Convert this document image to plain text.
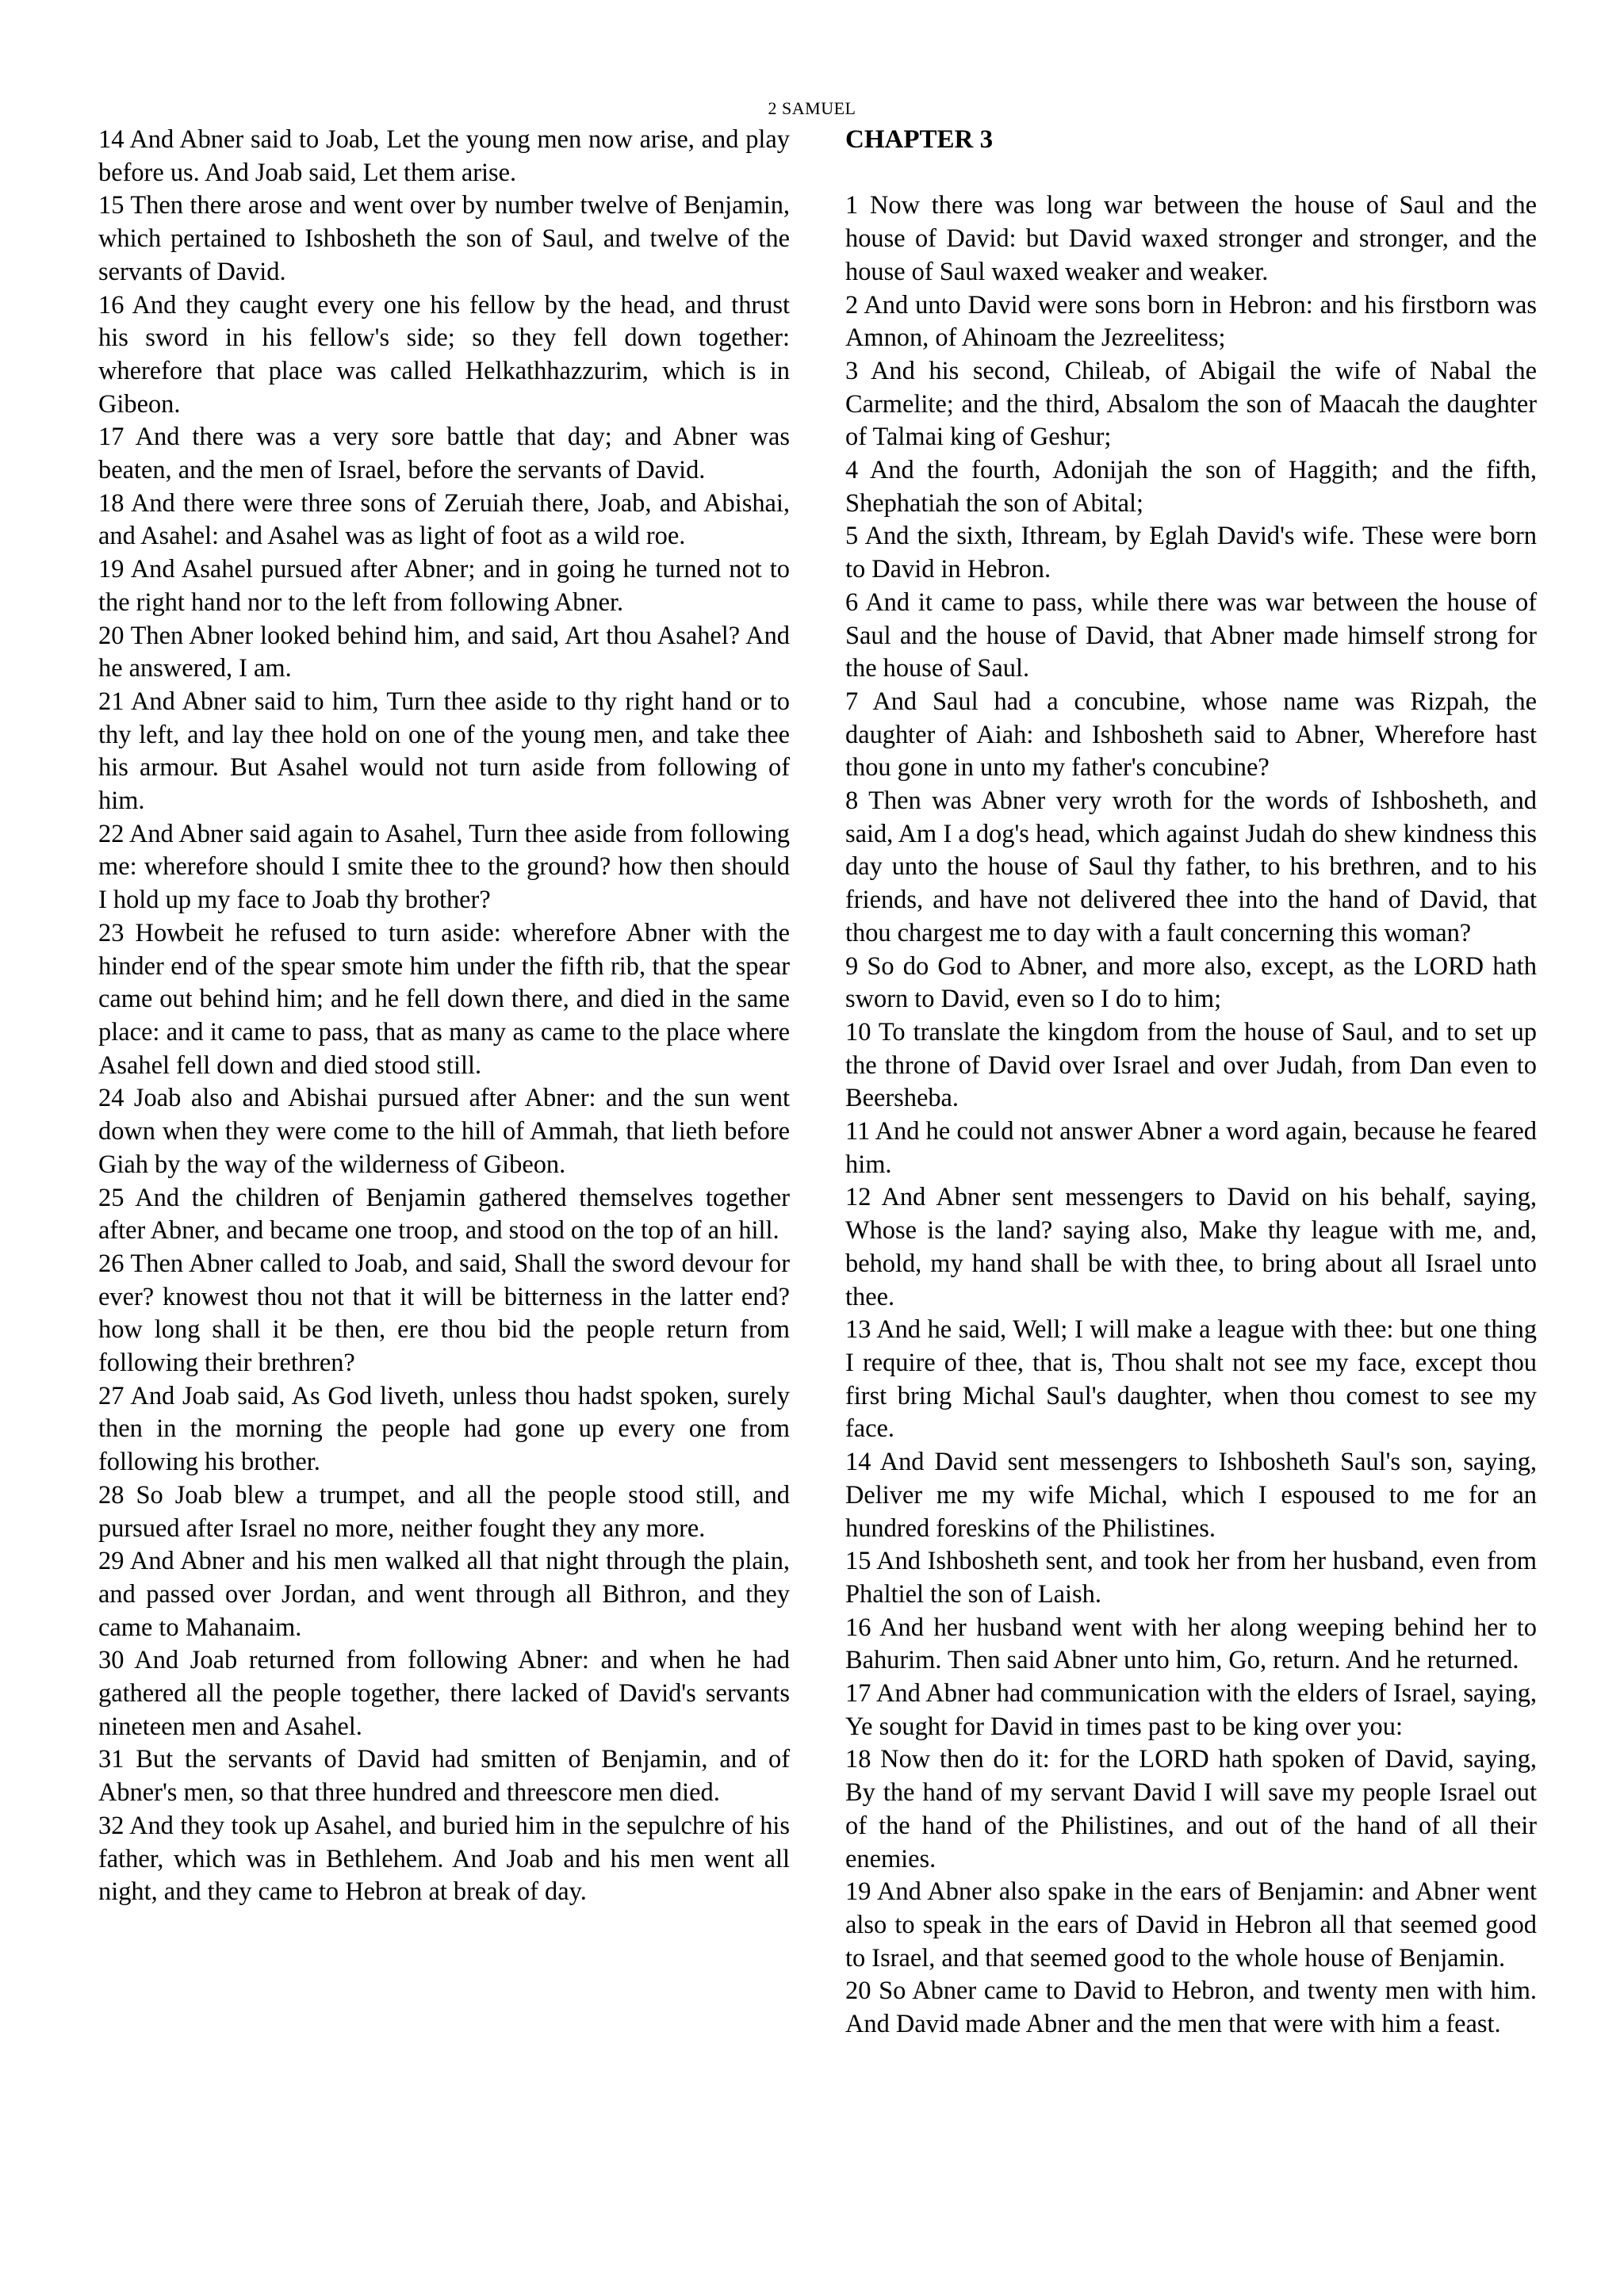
2 SAMUEL

14 And Abner said to Joab, Let the young men now arise, and play before us. And Joab said, Let them arise.

15 Then there arose and went over by number twelve of Benjamin, which pertained to Ishbosheth the son of Saul, and twelve of the servants of David.

16 And they caught every one his fellow by the head, and thrust his sword in his fellow's side; so they fell down together: wherefore that place was called Helkathhazzurim, which is in Gibeon.

17 And there was a very sore battle that day; and Abner was beaten, and the men of Israel, before the servants of David.

18 And there were three sons of Zeruiah there, Joab, and Abishai, and Asahel: and Asahel was as light of foot as a wild roe.

19 And Asahel pursued after Abner; and in going he turned not to the right hand nor to the left from following Abner.

20 Then Abner looked behind him, and said, Art thou Asahel? And he answered, I am.

21 And Abner said to him, Turn thee aside to thy right hand or to thy left, and lay thee hold on one of the young men, and take thee his armour. But Asahel would not turn aside from following of him.

22 And Abner said again to Asahel, Turn thee aside from following me: wherefore should I smite thee to the ground? how then should I hold up my face to Joab thy brother?

23 Howbeit he refused to turn aside: wherefore Abner with the hinder end of the spear smote him under the fifth rib, that the spear came out behind him; and he fell down there, and died in the same place: and it came to pass, that as many as came to the place where Asahel fell down and died stood still.

24 Joab also and Abishai pursued after Abner: and the sun went down when they were come to the hill of Ammah, that lieth before Giah by the way of the wilderness of Gibeon.

25 And the children of Benjamin gathered themselves together after Abner, and became one troop, and stood on the top of an hill.

26 Then Abner called to Joab, and said, Shall the sword devour for ever? knowest thou not that it will be bitterness in the latter end? how long shall it be then, ere thou bid the people return from following their brethren?

27 And Joab said, As God liveth, unless thou hadst spoken, surely then in the morning the people had gone up every one from following his brother.

28 So Joab blew a trumpet, and all the people stood still, and pursued after Israel no more, neither fought they any more.

29 And Abner and his men walked all that night through the plain, and passed over Jordan, and went through all Bithron, and they came to Mahanaim.

30 And Joab returned from following Abner: and when he had gathered all the people together, there lacked of David's servants nineteen men and Asahel.

31 But the servants of David had smitten of Benjamin, and of Abner's men, so that three hundred and threescore men died.

32 And they took up Asahel, and buried him in the sepulchre of his father, which was in Bethlehem. And Joab and his men went all night, and they came to Hebron at break of day.

CHAPTER 3

1 Now there was long war between the house of Saul and the house of David: but David waxed stronger and stronger, and the house of Saul waxed weaker and weaker.

2 And unto David were sons born in Hebron: and his firstborn was Amnon, of Ahinoam the Jezreelitess;

3 And his second, Chileab, of Abigail the wife of Nabal the Carmelite; and the third, Absalom the son of Maacah the daughter of Talmai king of Geshur;

4 And the fourth, Adonijah the son of Haggith; and the fifth, Shephatiah the son of Abital;

5 And the sixth, Ithream, by Eglah David's wife. These were born to David in Hebron.

6 And it came to pass, while there was war between the house of Saul and the house of David, that Abner made himself strong for the house of Saul.

7 And Saul had a concubine, whose name was Rizpah, the daughter of Aiah: and Ishbosheth said to Abner, Wherefore hast thou gone in unto my father's concubine?

8 Then was Abner very wroth for the words of Ishbosheth, and said, Am I a dog's head, which against Judah do shew kindness this day unto the house of Saul thy father, to his brethren, and to his friends, and have not delivered thee into the hand of David, that thou chargest me to day with a fault concerning this woman?

9 So do God to Abner, and more also, except, as the LORD hath sworn to David, even so I do to him;

10 To translate the kingdom from the house of Saul, and to set up the throne of David over Israel and over Judah, from Dan even to Beersheba.

11 And he could not answer Abner a word again, because he feared him.

12 And Abner sent messengers to David on his behalf, saying, Whose is the land? saying also, Make thy league with me, and, behold, my hand shall be with thee, to bring about all Israel unto thee.

13 And he said, Well; I will make a league with thee: but one thing I require of thee, that is, Thou shalt not see my face, except thou first bring Michal Saul's daughter, when thou comest to see my face.

14 And David sent messengers to Ishbosheth Saul's son, saying, Deliver me my wife Michal, which I espoused to me for an hundred foreskins of the Philistines.

15 And Ishbosheth sent, and took her from her husband, even from Phaltiel the son of Laish.

16 And her husband went with her along weeping behind her to Bahurim. Then said Abner unto him, Go, return. And he returned.

17 And Abner had communication with the elders of Israel, saying, Ye sought for David in times past to be king over you:

18 Now then do it: for the LORD hath spoken of David, saying, By the hand of my servant David I will save my people Israel out of the hand of the Philistines, and out of the hand of all their enemies.

19 And Abner also spake in the ears of Benjamin: and Abner went also to speak in the ears of David in Hebron all that seemed good to Israel, and that seemed good to the whole house of Benjamin.

20 So Abner came to David to Hebron, and twenty men with him. And David made Abner and the men that were with him a feast.
